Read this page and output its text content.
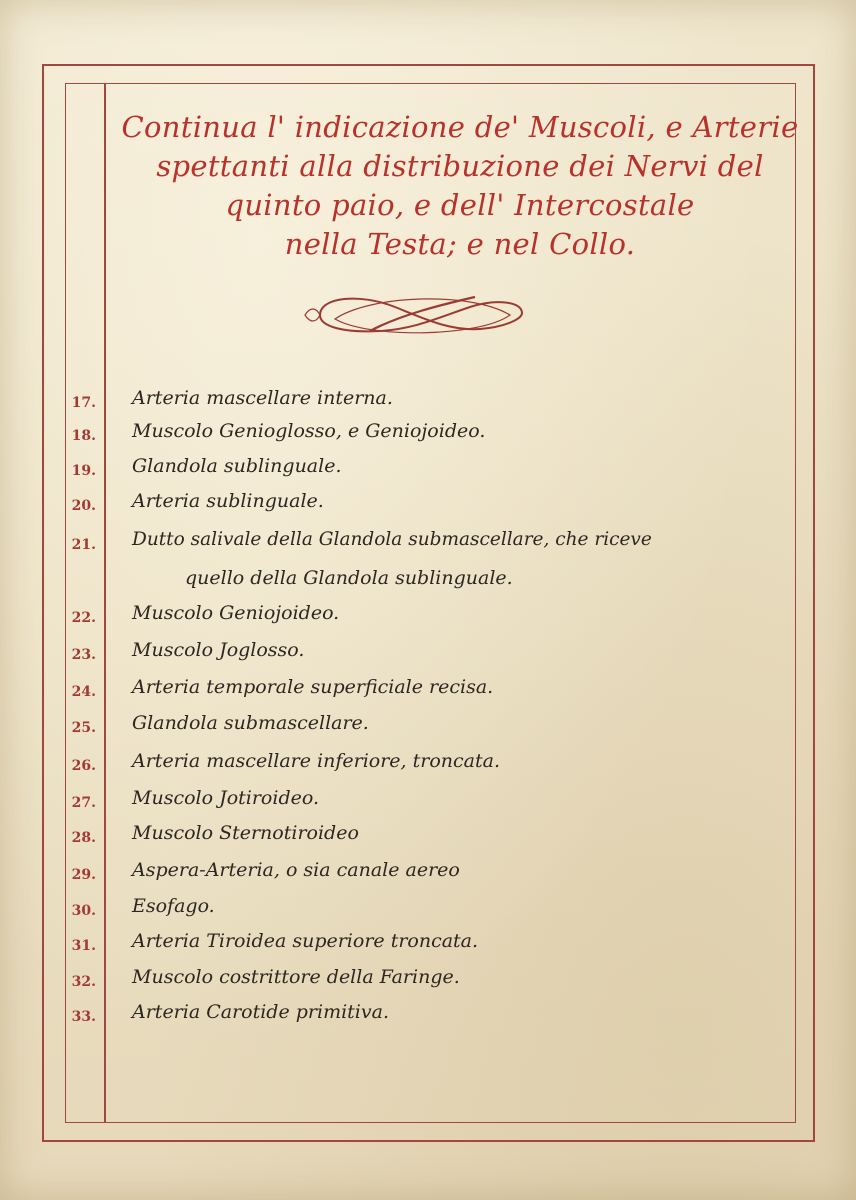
Continua l' indicazione de' Muscoli, e Arterie
spettanti alla distribuzione dei Nervi del
quinto paio, e dell' Intercostale
nella Testa; e nel Collo.
17. Arteria mascellare interna.
18. Muscolo Genioglosso, e Geniojoideo.
19. Glandola sublinguale.
20. Arteria sublinguale.
21. Dutto salivale della Glandola submascellare, che riceve
quello della Glandola sublinguale.
22. Muscolo Geniojoideo.
23. Muscolo Joglosso.
24. Arteria temporale superficiale recisa.
25. Glandola submascellare.
26. Arteria mascellare inferiore, troncata.
27. Muscolo Jotiroideo.
28. Muscolo Sternotiroideo
29. Aspera-Arteria, o sia canale aereo
30. Esofago.
31. Arteria Tiroidea superiore troncata.
32. Muscolo costrittore della Faringe.
33. Arteria Carotide primitiva.
